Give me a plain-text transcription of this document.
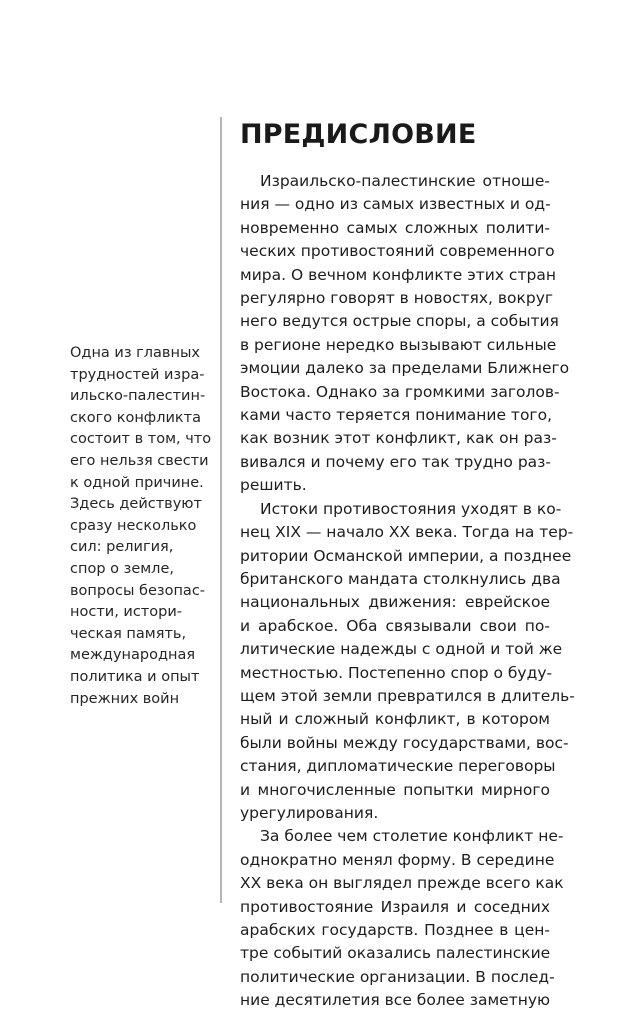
Одна из главных
трудностей изра-
ильско-палестин-
ского конфликта
состоит в том, что
его нельзя свести
к одной причине.
Здесь действуют
сразу несколько
сил: религия,
спор о земле,
вопросы безопас-
ности, истори-
ческая память,
международная
политика и опыт
прежних войн
ПРЕДИСЛОВИЕ
Израильско-палестинские отноше-
ния — одно из самых известных и од-
новременно самых сложных полити-
ческих противостояний современного
мира. О вечном конфликте этих стран
регулярно говорят в новостях, вокруг
него ведутся острые споры, а события
в регионе нередко вызывают сильные
эмоции далеко за пределами Ближнего
Востока. Однако за громкими заголов-
ками часто теряется понимание того,
как возник этот конфликт, как он раз-
вивался и почему его так трудно раз-
решить.
Истоки противостояния уходят в ко-
нец XIX — начало XX века. Тогда на тер-
ритории Османской империи, а позднее
британского мандата столкнулись два
национальных движения: еврейское
и арабское. Оба связывали свои по-
литические надежды с одной и той же
местностью. Постепенно спор о буду-
щем этой земли превратился в длитель-
ный и сложный конфликт, в котором
были войны между государствами, вос-
стания, дипломатические переговоры
и многочисленные попытки мирного
урегулирования.
За более чем столетие конфликт не-
однократно менял форму. В середине
XX века он выглядел прежде всего как
противостояние Израиля и соседних
арабских государств. Позднее в цен-
тре событий оказались палестинские
политические организации. В послед-
ние десятилетия все более заметную
